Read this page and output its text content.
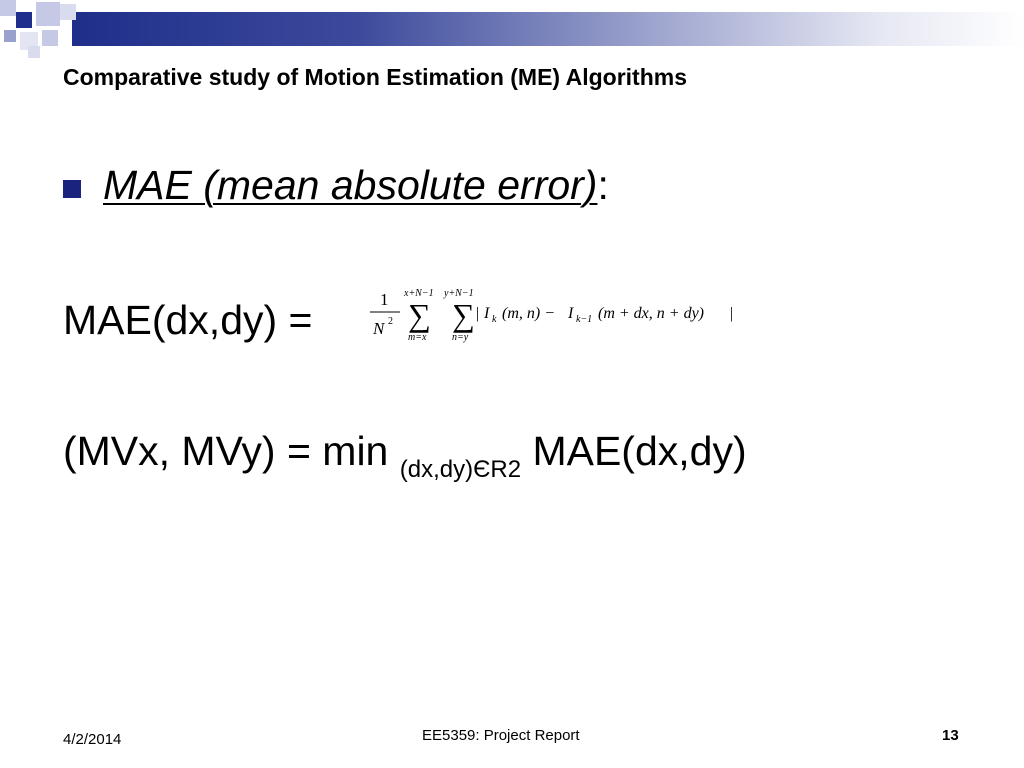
Comparative study of Motion Estimation (ME) Algorithms
MAE (mean absolute error):
MAE(dx,dy) =	1
N 2
x+N−1
∑
m=x
y+N−1
∑
n=y
| I k (m, n) − I k−1 (m + dx, n + dy) |
(MVx, MVy) = min $_{(dx,dy)ЄR2}$ MAE(dx,dy)
4/2/2014	EE5359: Project Report	13
